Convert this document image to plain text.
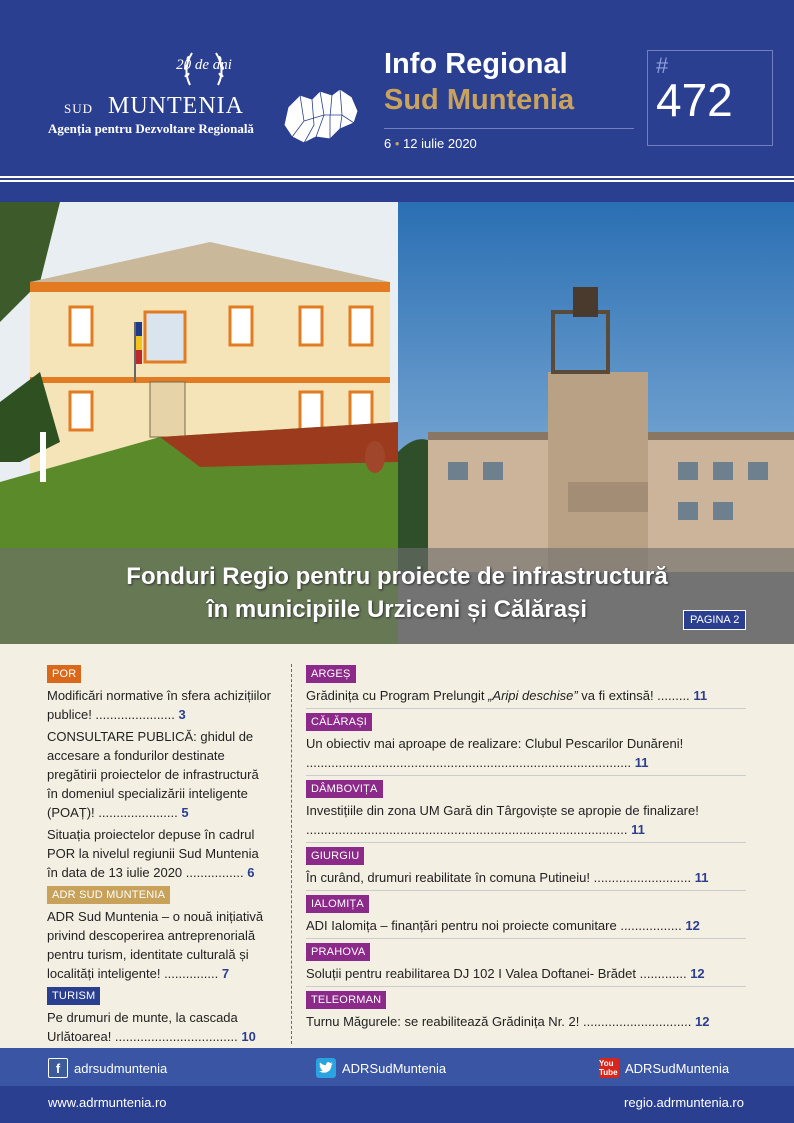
20 de ani
SUD MUNTENIA
Agenția pentru Dezvoltare Regională
Info Regional
Sud Muntenia
6 • 12 iulie 2020
#
472
Fonduri Regio pentru proiecte de infrastructură
în municipiile Urziceni și Călărași	PAGINA 2
POR
Modificări normative în sfera achizițiilor publice! ...................... 3
CONSULTARE PUBLICĂ: ghidul de accesare a fondurilor destinate pregătirii proiectelor de infrastructură în domeniul specializării inteligente (POAȚ)! ...................... 5
Situația proiectelor depuse în cadrul POR la nivelul regiunii Sud Muntenia în data de 13 iulie 2020 ................ 6
ADR SUD MUNTENIA
ADR Sud Muntenia – o nouă inițiativă privind descoperirea antreprenorială pentru turism, identitate culturală și localități inteligente! ............... 7
TURISM
Pe drumuri de munte, la cascada Urlătoarea! .................................. 10
ARGEȘ
Grădinița cu Program Prelungit „Aripi deschise” va fi extinsă! ......... 11
CĂLĂRAȘI
Un obiectiv mai aproape de realizare: Clubul Pescarilor Dunăreni! .......................................................................................... 11
DÂMBOVIȚA
Investițiile din zona UM Gară din Târgoviște se apropie de finalizare! ......................................................................................... 11
GIURGIU
În curând, drumuri reabilitate în comuna Putineiu! ........................... 11
IALOMIȚA
ADI Ialomița – finanțări pentru noi proiecte comunitare ................. 12
PRAHOVA
Soluții pentru reabilitarea DJ 102 I Valea Doftanei- Brădet ............. 12
TELEORMAN
Turnu Măgurele: se reabilitează Grădinița Nr. 2! .............................. 12
f	adrsudmuntenia	ADRSudMuntenia	You Tube ADRSudMuntenia
www.adrmuntenia.ro	regio.adrmuntenia.ro
